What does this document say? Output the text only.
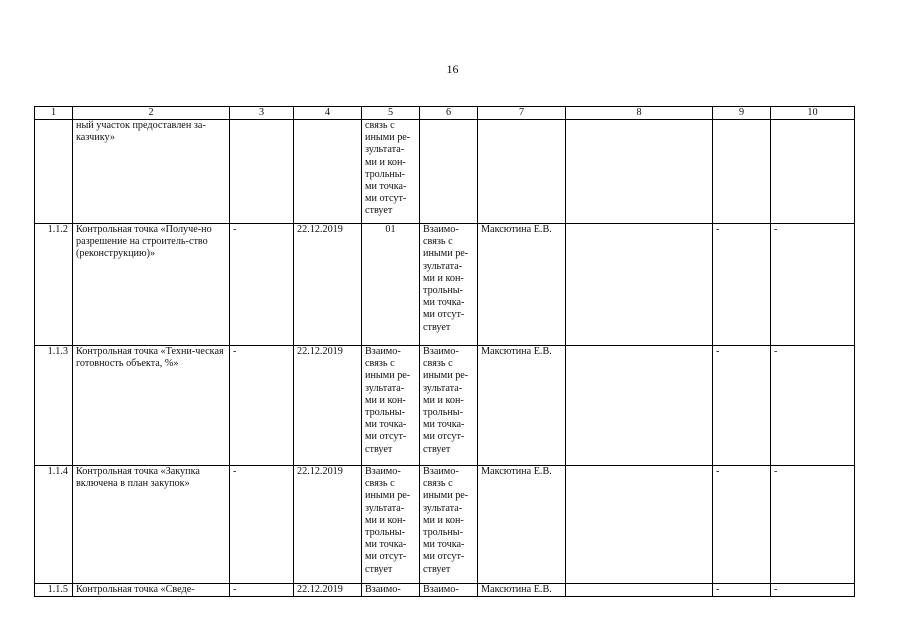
16
1	2	3	4	5	6	7	8	9	10
	ный участок предоставлен за-казчику»			связь с иными ре-зультата-ми и кон-трольны-ми точка-ми отсут-ствует					
1.1.2	Контрольная точка «Получе-но разрешение на строитель-ство (реконструкцию)»	-	22.12.2019	01	Взаимо-связь с иными ре-зультата-ми и кон-трольны-ми точка-ми отсут-ствует	Максютина Е.В.		-	-
1.1.3	Контрольная точка «Техни-ческая готовность объекта, %»	-	22.12.2019	Взаимо-связь с иными ре-зультата-ми и кон-трольны-ми точка-ми отсут-ствует	Взаимо-связь с иными ре-зультата-ми и кон-трольны-ми точка-ми отсут-ствует	Максютина Е.В.		-	-
1.1.4	Контрольная точка «Закупка включена в план закупок»	-	22.12.2019	Взаимо-связь с иными ре-зультата-ми и кон-трольны-ми точка-ми отсут-ствует	Взаимо-связь с иными ре-зультата-ми и кон-трольны-ми точка-ми отсут-ствует	Максютина Е.В.		-	-
1.1.5	Контрольная точка «Сведе-	-	22.12.2019	Взаимо-	Взаимо-	Максютина Е.В.		-	-
